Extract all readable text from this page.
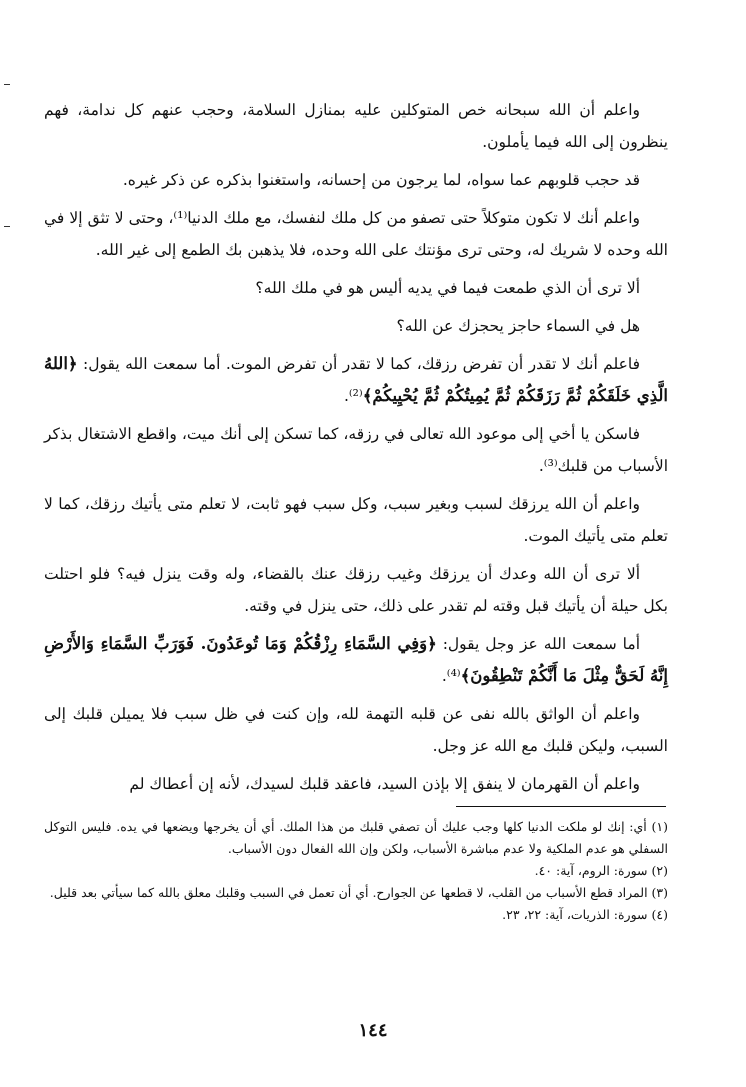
واعلم أن الله سبحانه خص المتوكلين عليه بمنازل السلامة، وحجب عنهم كل ندامة، فهم ينظرون إلى الله فيما يأملون.

قد حجب قلوبهم عما سواه، لما يرجون من إحسانه، واستغنوا بذكره عن ذكر غيره.

واعلم أنك لا تكون متوكلاً حتى تصفو من كل ملك لنفسك، مع ملك الدنيا⁽¹⁾، وحتى لا تثق إلا في الله وحده لا شريك له، وحتى ترى مؤنتك على الله وحده، فلا يذهبن بك الطمع إلى غير الله.

ألا ترى أن الذي طمعت فيما في يديه أليس هو في ملك الله؟

هل في السماء حاجز يحجزك عن الله؟

فاعلم أنك لا تقدر أن تفرض رزقك، كما لا تقدر أن تفرض الموت. أما سمعت الله يقول: ﴿اللهُ الَّذِي خَلَقَكُمْ ثُمَّ رَزَقَكُمْ ثُمَّ يُمِيتُكُمْ ثُمَّ يُحْيِيكُمْ﴾⁽²⁾.

فاسكن يا أخي إلى موعود الله تعالى في رزقه، كما تسكن إلى أنك ميت، واقطع الاشتغال بذكر الأسباب من قلبك⁽³⁾.

واعلم أن الله يرزقك لسبب وبغير سبب، وكل سبب فهو ثابت، لا تعلم متى يأتيك رزقك، كما لا تعلم متى يأتيك الموت.

ألا ترى أن الله وعدك أن يرزقك وغيب رزقك عنك بالقضاء، وله وقت ينزل فيه؟ فلو احتلت بكل حيلة أن يأتيك قبل وقته لم تقدر على ذلك، حتى ينزل في وقته.

أما سمعت الله عز وجل يقول: ﴿وَفِي السَّمَاءِ رِزْقُكُمْ وَمَا تُوعَدُونَ. فَوَرَبِّ السَّمَاءِ وَالأَرْضِ إِنَّهُ لَحَقٌّ مِثْلَ مَا أَنَّكُمْ تَنْطِقُونَ﴾⁽⁴⁾.

واعلم أن الواثق بالله نفى عن قلبه التهمة لله، وإن كنت في ظل سبب فلا يميلن قلبك إلى السبب، وليكن قلبك مع الله عز وجل.

واعلم أن القهرمان لا ينفق إلا بإذن السيد، فاعقد قلبك لسيدك، لأنه إن أعطاك لم

(١) أي: إنك لو ملكت الدنيا كلها وجب عليك أن تصفي قلبك من هذا الملك. أي أن يخرجها ويضعها في يده. فليس التوكل السفلي هو عدم الملكية ولا عدم مباشرة الأسباب، ولكن وإن الله الفعال دون الأسباب.

(٢) سورة: الروم، آية: ٤٠.

(٣) المراد قطع الأسباب من القلب، لا قطعها عن الجوارح. أي أن تعمل في السبب وقلبك معلق بالله كما سيأتي بعد قليل.

(٤) سورة: الذريات، آية: ٢٢، ٢٣.

١٤٤
